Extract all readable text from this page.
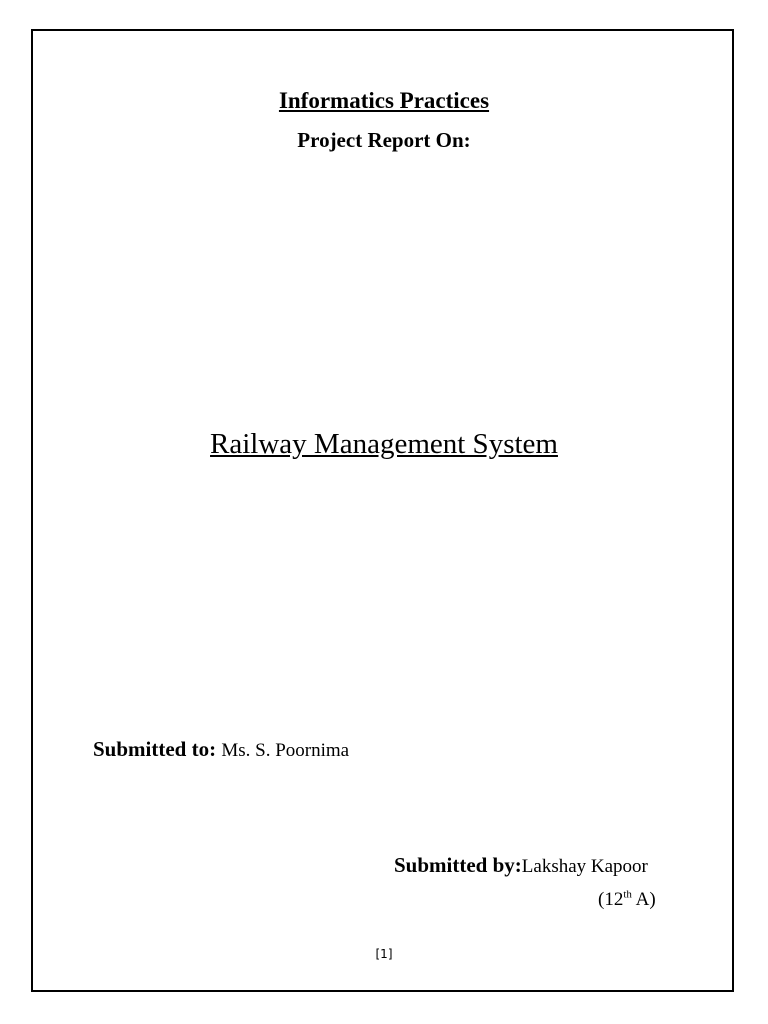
Informatics Practices
Project Report On:
Railway Management System
Submitted to: Ms. S. Poornima
Submitted by:Lakshay Kapoor
(12th A)
[1]
